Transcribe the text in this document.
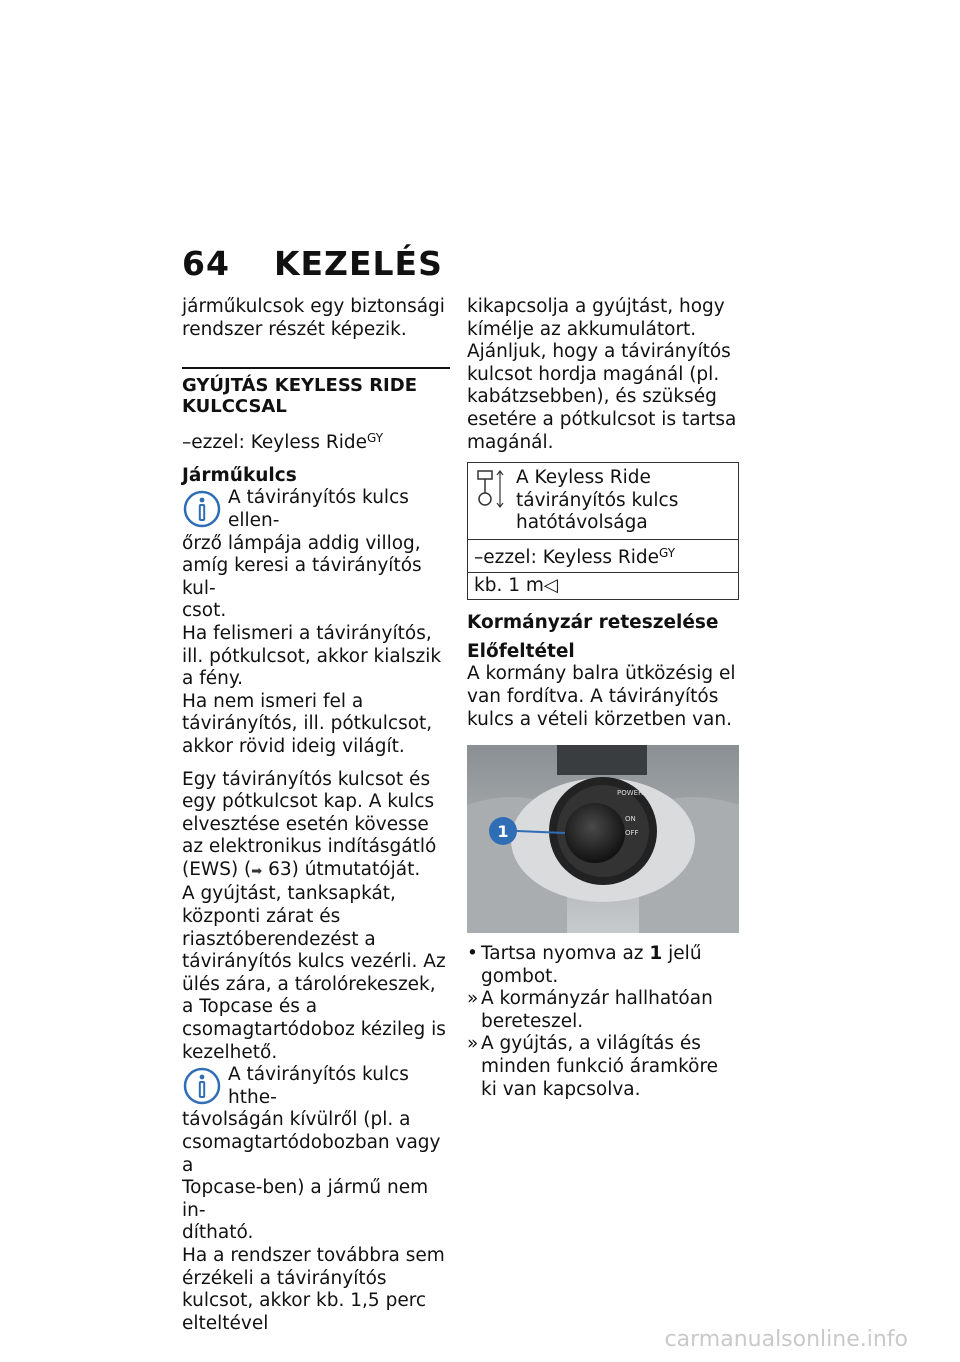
64 KEZELÉS

járműkulcsok egy biztonsági rendszer részét képezik.

GYÚJTÁS KEYLESS RIDE KULCCSAL

–ezzel: Keyless Ride$^{GY}$

Járműkulcs

A távirányítós kulcs ellen-

őrző lámpája addig villog,

amíg keresi a távirányítós kul-

csot.

Ha felismeri a távirányítós, ill. pótkulcsot, akkor kialszik a fény.

Ha nem ismeri fel a távirányítós, ill. pótkulcsot, akkor rövid ideig világít.

Egy távirányítós kulcsot és egy pótkulcsot kap. A kulcs elvesztése esetén kövesse az elektronikus indításgátló (EWS) (➡ 63) útmutatóját.

A gyújtást, tanksapkát, központi zárat és riasztóberendezést a távirányítós kulcs vezérli. Az ülés zára, a tárolórekeszek, a Topcase és a csomagtartódoboz kézileg is kezelhető.

A távirányítós kulcs hthe-

távolságán kívülről (pl. a

csomagtartódobozban vagy a

Topcase-ben) a jármű nem in-

dítható.

Ha a rendszer továbbra sem érzékeli a távirányítós kulcsot, akkor kb. 1,5 perc elteltével

kikapcsolja a gyújtást, hogy kímélje az akkumulátort.

Ajánljuk, hogy a távirányítós kulcsot hordja magánál (pl. kabátzsebben), és szükség esetére a pótkulcsot is tartsa magánál.

A Keyless Ride távirányítós kulcs hatótávolsága

–ezzel: Keyless Ride$^{GY}$
kb. 1 m◁

Kormányzár reteszelése

Előfeltétel

A kormány balra ütközésig el van fordítva. A távirányítós kulcs a vételi körzetben van.

POWER
ON
OFF
1
• Tartsa nyomva az 1 jelű gombot.
» A kormányzár hallhatóan bereteszel.
» A gyújtás, a világítás és minden funkció áramköre ki van kapcsolva.
carmanualsonline.info
